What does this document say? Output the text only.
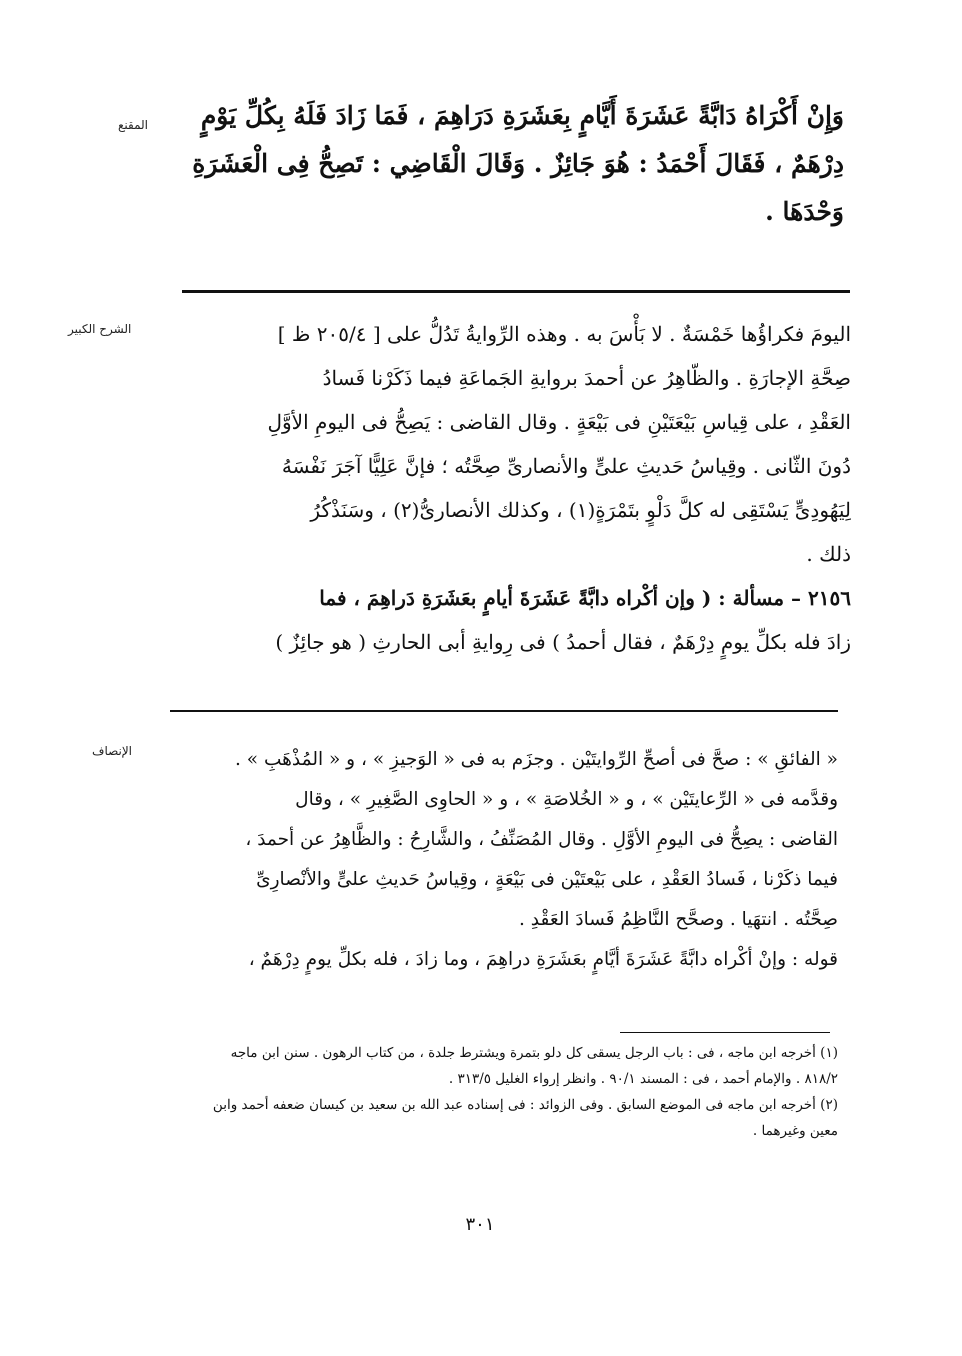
المقنع	وَإِنْ أَكْرَاهُ دَابَّةً عَشَرَةَ أَيَّامٍ بِعَشَرَةِ دَرَاهِمَ ، فَمَا زَادَ فَلَهُ بِكُلِّ يَوْمٍ
دِرْهَمٌ ، فَقَالَ أَحْمَدُ : هُوَ جَائِزٌ . وَقَالَ الْقَاضِي : تَصِحُّ فِى الْعَشَرَةِ
وَحْدَهَا .
الشرح الكبير	اليومَ فكراؤُها خَمْسَةٌ . لا بَأْسَ به . وهذه الرِّوايةُ تَدُلُّ على [ ٢٠٥/٤ ظ ]
صِحَّةِ الإجارَةِ . والظّاهِرُ عن أحمدَ بروايةِ الجَماعَةِ فيما ذَكَرْنا فَسادُ
العَقْدِ ، على قِياسِ بَيْعَتَيْنِ فى بَيْعَةٍ . وقال القاضى : يَصِحُّ فى اليومِ الأوَّلِ
دُونَ الثّانى . وقِياسُ حَديثِ علىٍّ والأنصارىِّ صِحَّتُه ؛ فإنَّ عَلِيًّا آجَرَ نَفْسَهُ
لِيَهُودِىٍّ يَسْتَقِى له كلَّ دَلْوٍ بتَمْرَةٍ(١) ، وكذلك الأنصارىُّ(٢) ، وسَنَذْكُرُ
ذلك .
٢١٥٦ – مسألة : ( وإن أكْراه دابَّةً عَشَرَةَ أيامٍ بعَشَرَةِ دَراهِمَ ، فما
زادَ فله بكلِّ يومٍ دِرْهَمٌ ، فقال أحمدُ ) فى رِوايةِ أبى الحارثِ ( هو جائِزٌ )
الإنصاف	« الفائقِ » : صحَّ فى أصحِّ الرِّوايتَيْن . وجزَم به فى « الوَجيزِ » ، و « المُذْهَبِ » .
وقدَّمه فى « الرِّعايتَيْن » ، و « الخُلاصَةِ » ، و « الحاوِى الصَّغِيرِ » ، وقال
القاضى : يصِحُّ فى اليومِ الأوَّلِ . وقال المُصَنِّفُ ، والشَّارِحُ : والظَّاهِرُ عن أحمدَ ،
فيما ذكَرْنا ، فَسادُ العَقْدِ ، على بَيْعتَيْن فى بَيْعَةٍ ، وقِياسُ حَديثِ علىٍّ والأنْصارِىِّ
صِحَّتُه . انتهَيا . وصحَّح النَّاظِمُ فَسادَ العَقْدِ .
قوله : وإنْ أكْراه دابَّةً عَشَرَةَ أيَّامٍ بعَشَرَةِ دراهِمَ ، وما زادَ ، فله بكلِّ يومٍ دِرْهَمٌ ،
(١) أخرجه ابن ماجه ، فى : باب الرجل يسقى كل دلو بتمرة ويشترط جلدة ، من كتاب الرهون . سنن ابن ماجه
٨١٨/٢ . والإمام أحمد ، فى : المسند ٩٠/١ . وانظر إرواء الغليل ٣١٣/٥ .
(٢) أخرجه ابن ماجه فى الموضع السابق . وفى الزوائد : فى إسناده عبد الله بن سعيد بن كيسان ضعفه أحمد وابن
معين وغيرهما .
٣٠١
